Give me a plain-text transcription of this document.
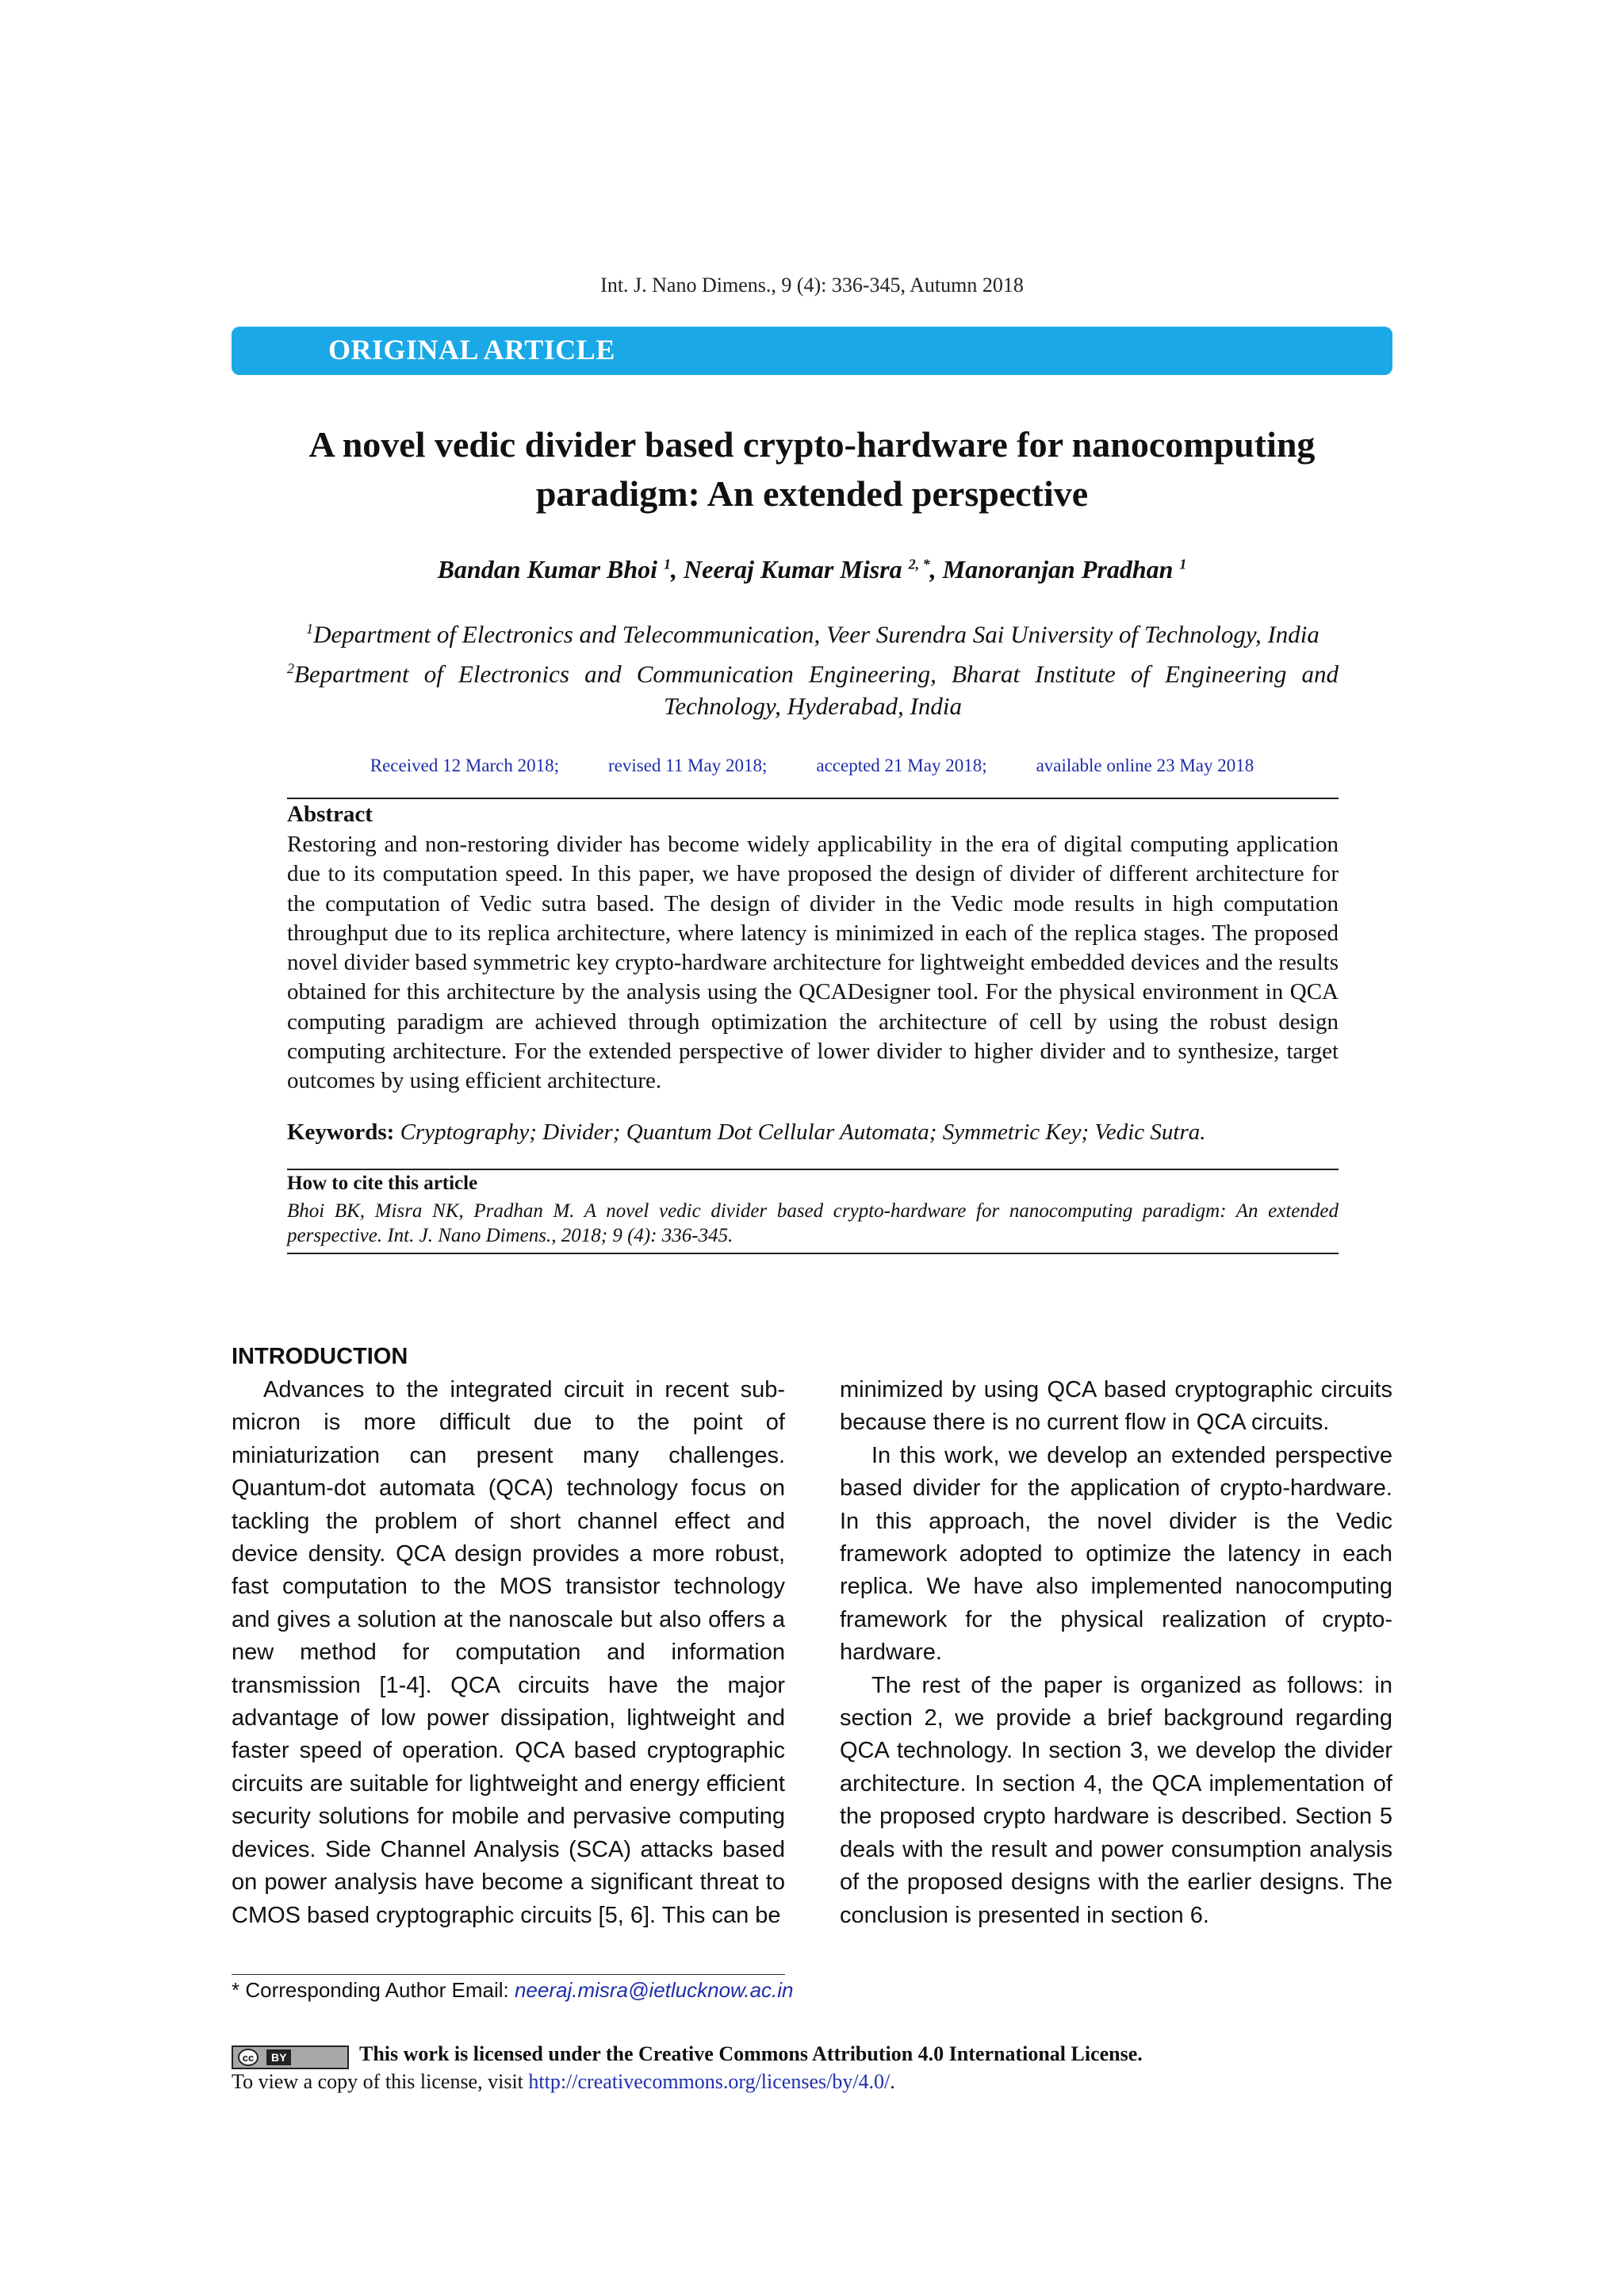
Int. J. Nano Dimens., 9 (4): 336-345, Autumn 2018
ORIGINAL ARTICLE
A novel vedic divider based crypto-hardware for nanocomputing
paradigm: An extended perspective
Bandan Kumar Bhoi $^1$, Neeraj Kumar Misra $^{2, *}$, Manoranjan Pradhan $^1$
$^1$Department of Electronics and Telecommunication, Veer Surendra Sai University of Technology, India
$^2$Bepartment of Electronics and Communication Engineering, Bharat Institute of Engineering and Technology, Hyderabad, India
Received 12 March 2018;	revised 11 May 2018;	accepted 21 May 2018;	available online 23 May 2018
Abstract
Restoring and non-restoring divider has become widely applicability in the era of digital computing application due to its computation speed. In this paper, we have proposed the design of divider of different architecture for the computation of Vedic sutra based. The design of divider in the Vedic mode results in high computation throughput due to its replica architecture, where latency is minimized in each of the replica stages. The proposed novel divider based symmetric key crypto-hardware architecture for lightweight embedded devices and the results obtained for this architecture by the analysis using the QCADesigner tool. For the physical environment in QCA computing paradigm are achieved through optimization the architecture of cell by using the robust design computing architecture. For the extended perspective of lower divider to higher divider and to synthesize, target outcomes by using efficient architecture.
Keywords: Cryptography; Divider; Quantum Dot Cellular Automata; Symmetric Key; Vedic Sutra.
How to cite this article
Bhoi BK, Misra NK, Pradhan M. A novel vedic divider based crypto-hardware for nanocomputing paradigm: An extended perspective. Int. J. Nano Dimens., 2018; 9 (4): 336-345.
INTRODUCTION

Advances to the integrated circuit in recent sub-micron is more difficult due to the point of miniaturization can present many challenges. Quantum-dot automata (QCA) technology focus on tackling the problem of short channel effect and device density. QCA design provides a more robust, fast computation to the MOS transistor technology and gives a solution at the nanoscale but also offers a new method for computation and information transmission [1-4]. QCA circuits have the major advantage of low power dissipation, lightweight and faster speed of operation. QCA based cryptographic circuits are suitable for lightweight and energy efficient security solutions for mobile and pervasive computing devices. Side Channel Analysis (SCA) attacks based on power analysis have become a significant threat to CMOS based cryptographic circuits [5, 6]. This can be

minimized by using QCA based cryptographic circuits because there is no current flow in QCA circuits.

In this work, we develop an extended perspective based divider for the application of crypto-hardware. In this approach, the novel divider is the Vedic framework adopted to optimize the latency in each replica. We have also implemented nanocomputing framework for the physical realization of crypto-hardware.

The rest of the paper is organized as follows: in section 2, we provide a brief background regarding QCA technology. In section 3, we develop the divider architecture. In section 4, the QCA implementation of the proposed crypto hardware is described. Section 5 deals with the result and power consumption analysis of the proposed designs with the earlier designs. The conclusion is presented in section 6.

* Corresponding Author Email: neeraj.misra@ietlucknow.ac.in
cc	BY	This work is licensed under the Creative Commons Attribution 4.0 International License.
To view a copy of this license, visit http://creativecommons.org/licenses/by/4.0/.
